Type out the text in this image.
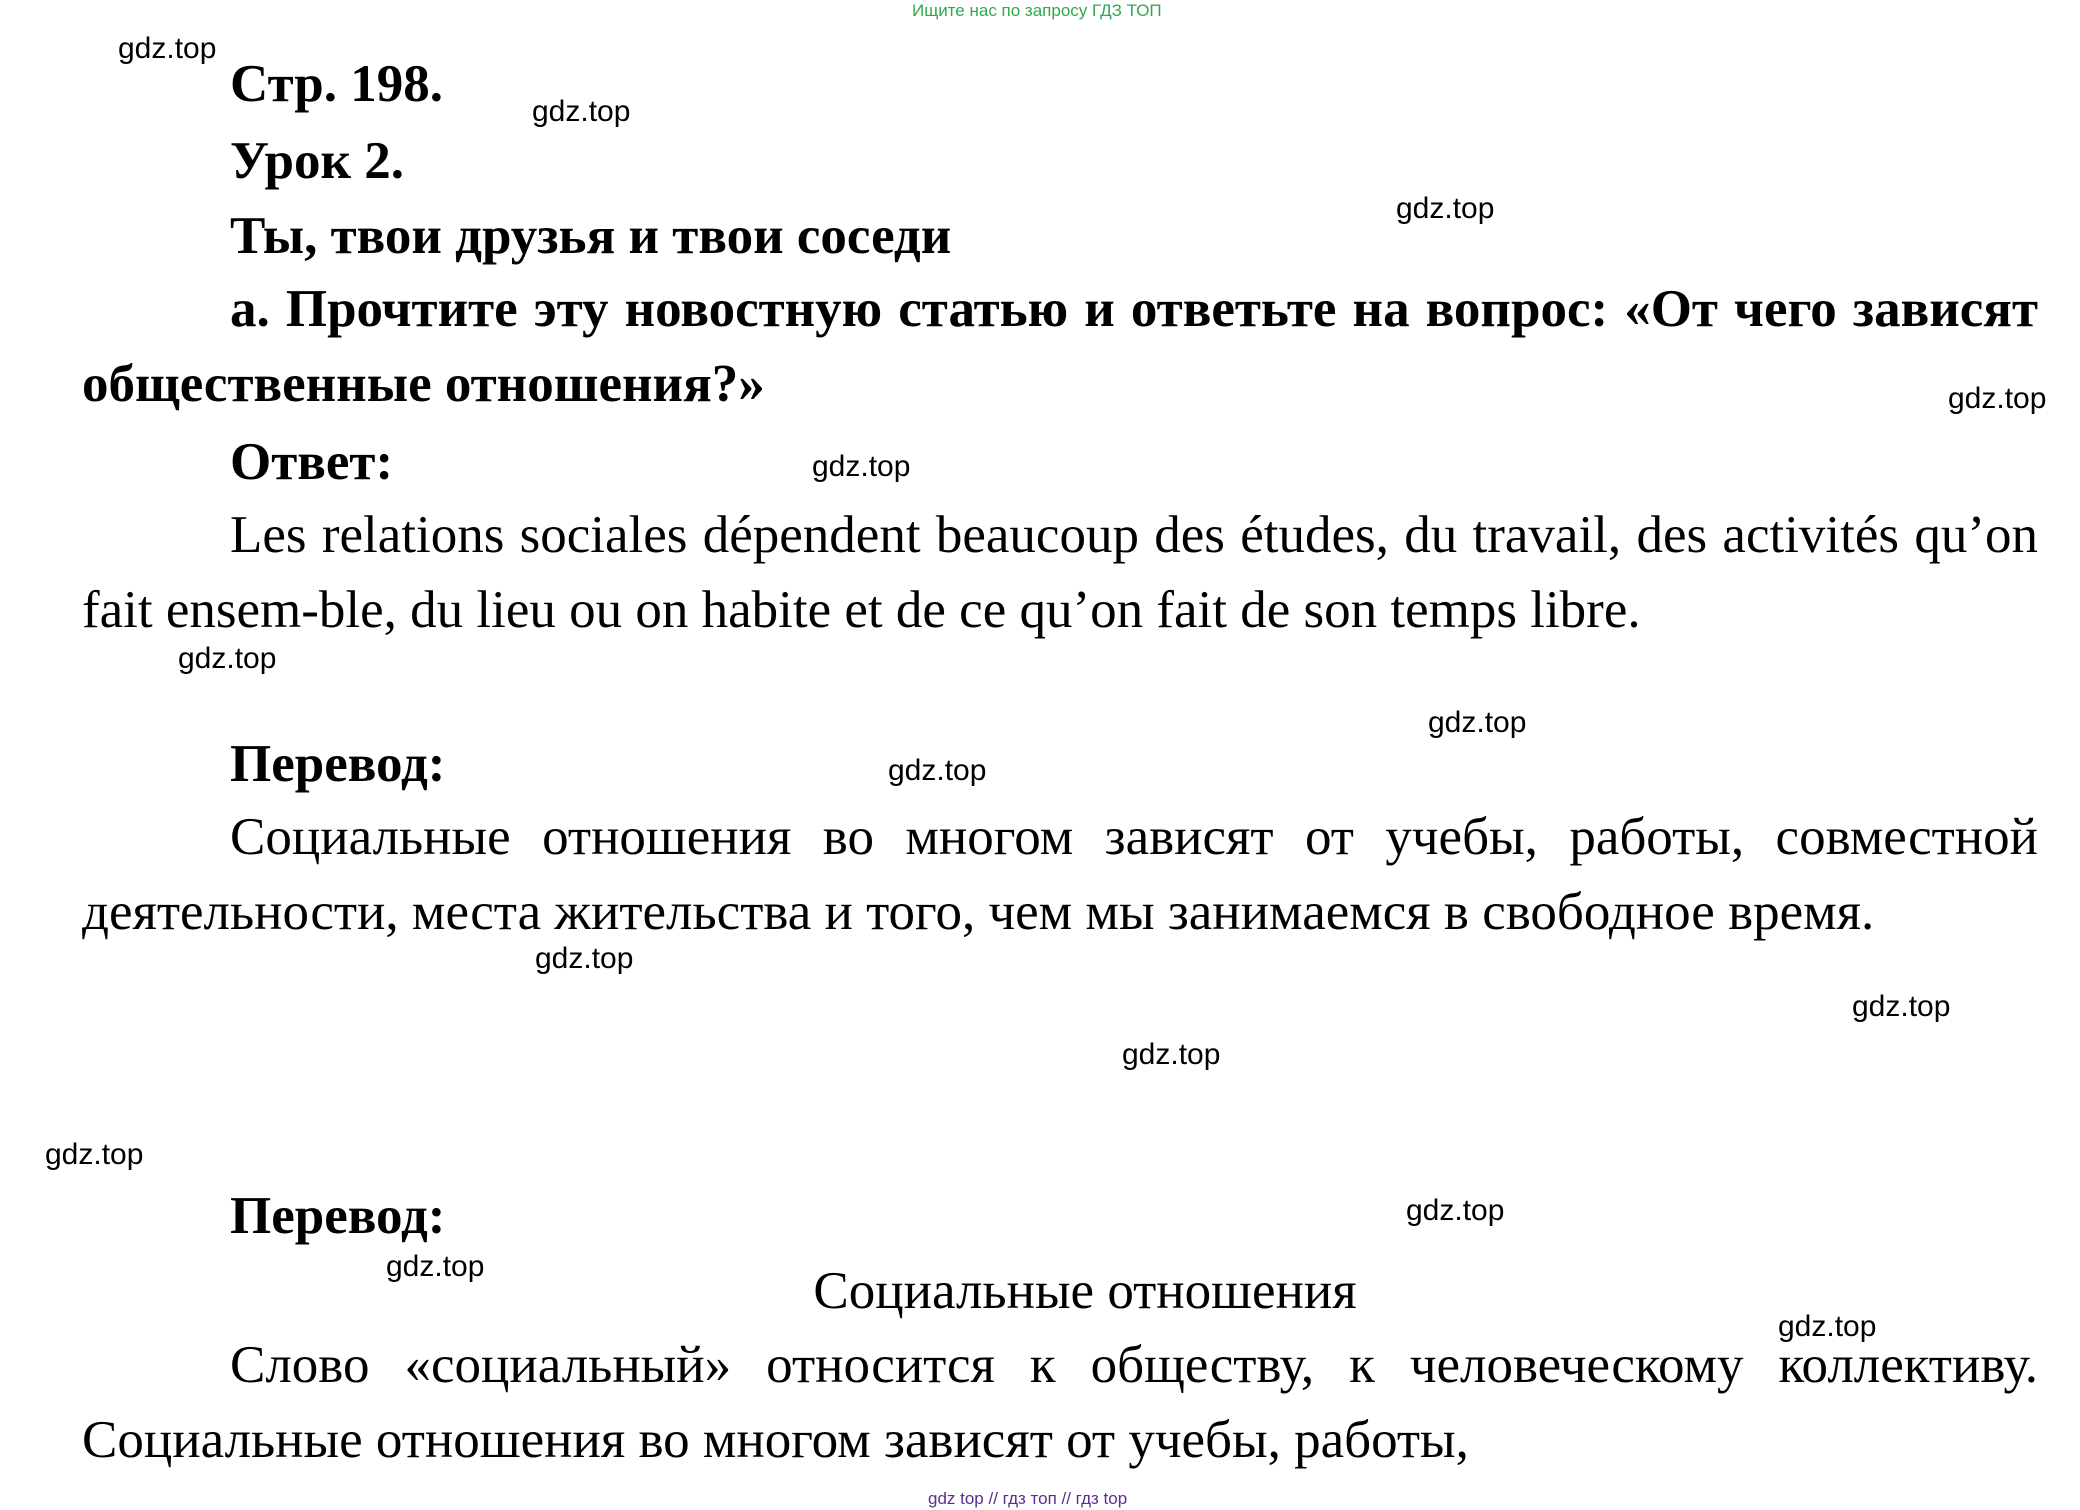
Ищите нас по запросу ГДЗ ТОП
Стр. 198.
Урок 2.
Ты, твои друзья и твои соседи

а. Прочтите эту новостную статью и ответьте на вопрос: «От чего зависят общественные отношения?»

Ответ:

Les relations sociales dépendent beaucoup des études, du travail, des activités qu’on fait ensem-ble, du lieu ou on habite et de ce qu’on fait de son temps libre.

Перевод:

Социальные отношения во многом зависят от учебы, работы, совместной деятельности, места жительства и того, чем мы занимаемся в свободное время.

Перевод:
Социальные отношения

Слово «социальный» относится к обществу, к человеческому коллективу. Социальные отношения во многом зависят от учебы, работы,

gdz.top
gdz.top
gdz.top
gdz.top
gdz.top
gdz.top
gdz.top
gdz.top
gdz.top
gdz.top
gdz.top
gdz.top
gdz.top
gdz.top
gdz.top
gdz top // гдз топ // гдз top
